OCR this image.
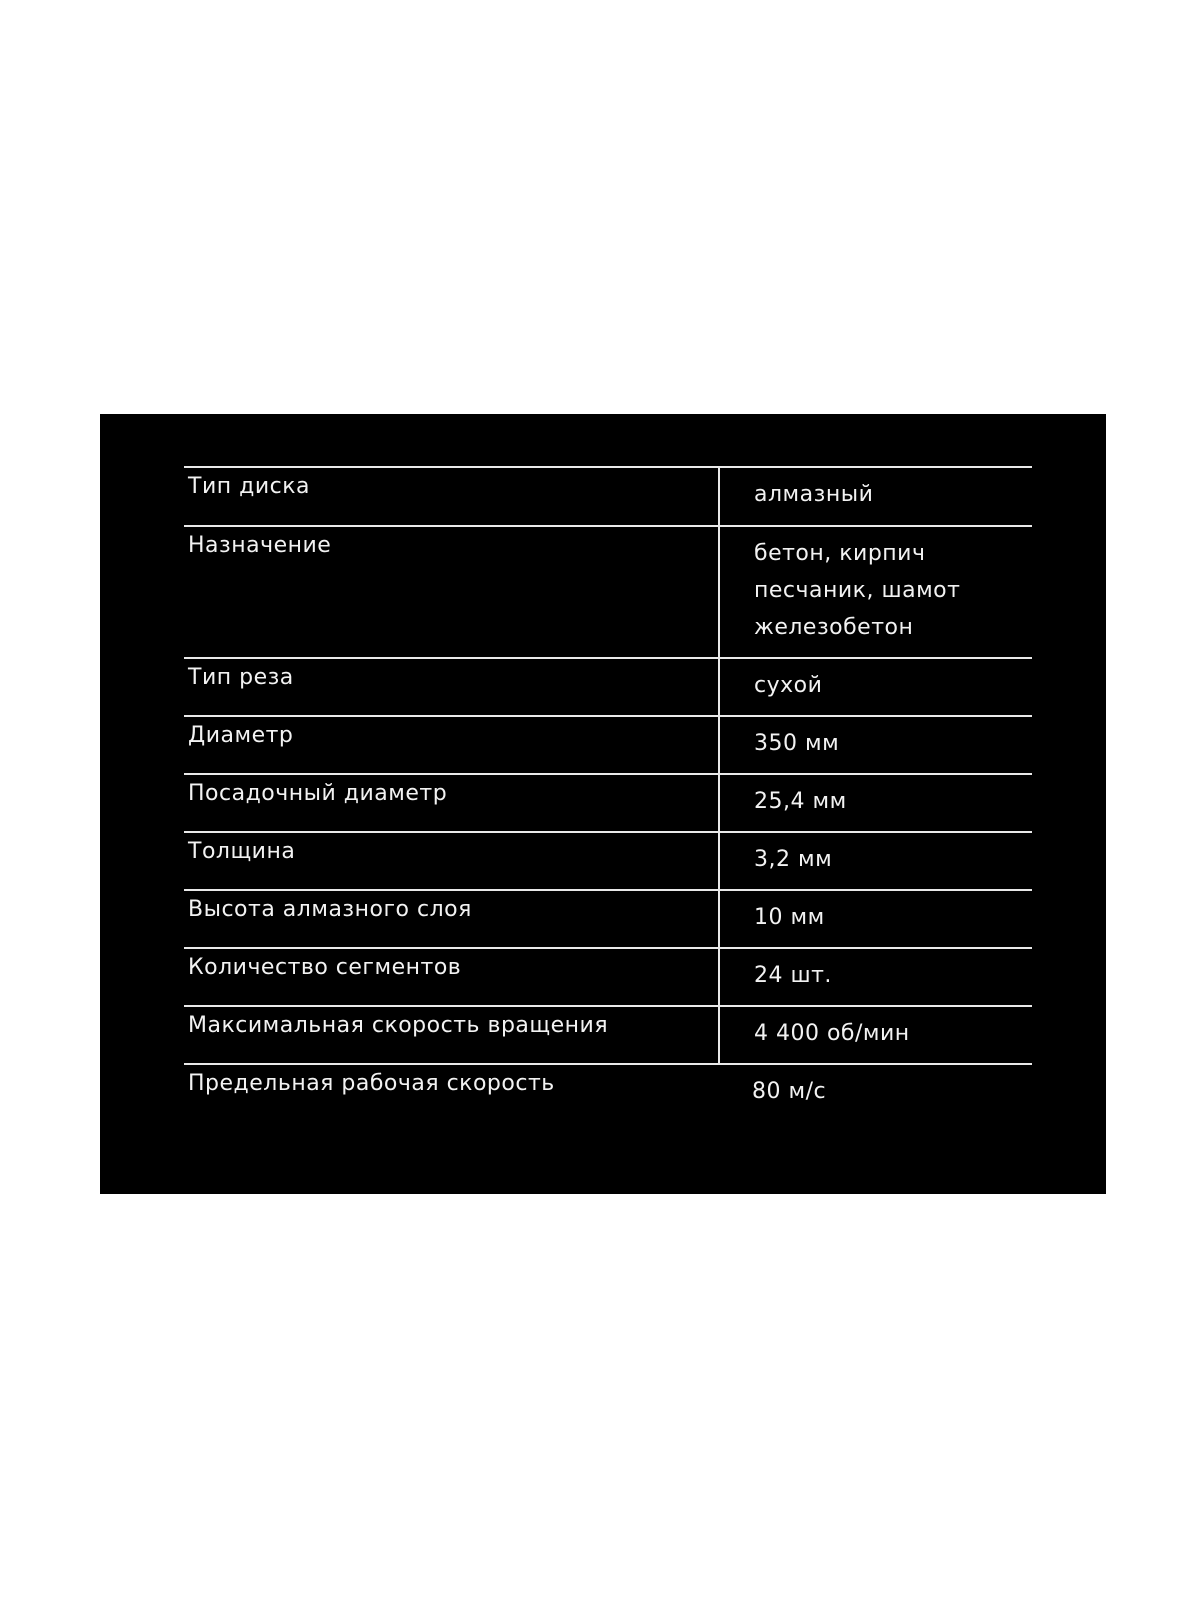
Тип диска	алмазный
Назначение	бетон, кирпич
песчаник, шамот
железобетон
Тип реза	сухой
Диаметр	350 мм
Посадочный диаметр	25,4 мм
Толщина	3,2 мм
Высота алмазного слоя	10 мм
Количество сегментов	24 шт.
Максимальная скорость вращения	4 400 об/мин
Предельная рабочая скорость	80 м/с
